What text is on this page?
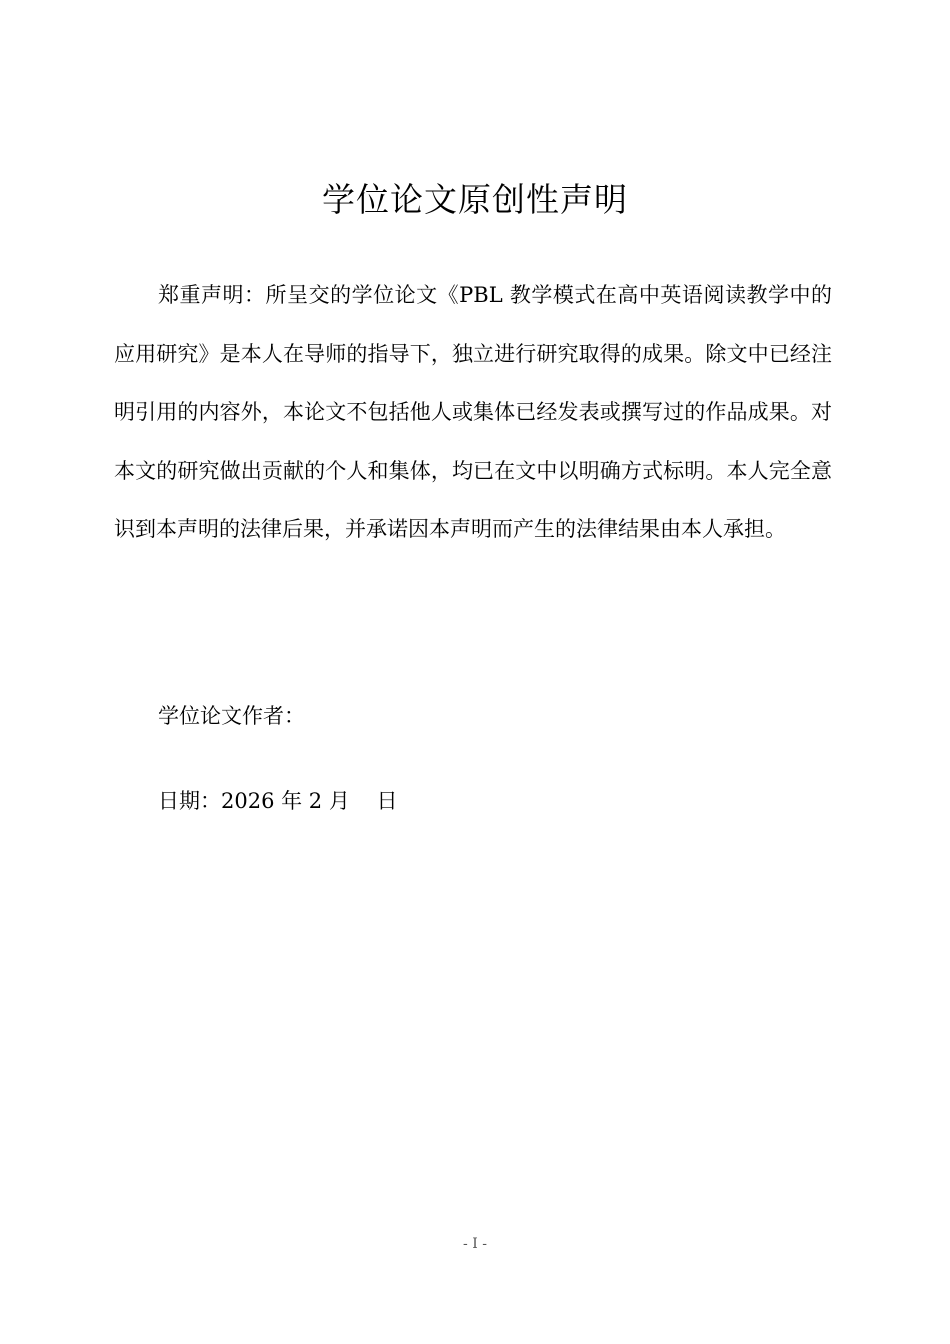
学位论文原创性声明

郑重声明：所呈交的学位论文《PBL 教学模式在高中英语阅读教学中的应用研究》是本人在导师的指导下，独立进行研究取得的成果。除文中已经注明引用的内容外，本论文不包括他人或集体已经发表或撰写过的作品成果。对本文的研究做出贡献的个人和集体，均已在文中以明确方式标明。本人完全意识到本声明的法律后果，并承诺因本声明而产生的法律结果由本人承担。

学位论文作者：
日期：2026 年 2 月    日
- I -
